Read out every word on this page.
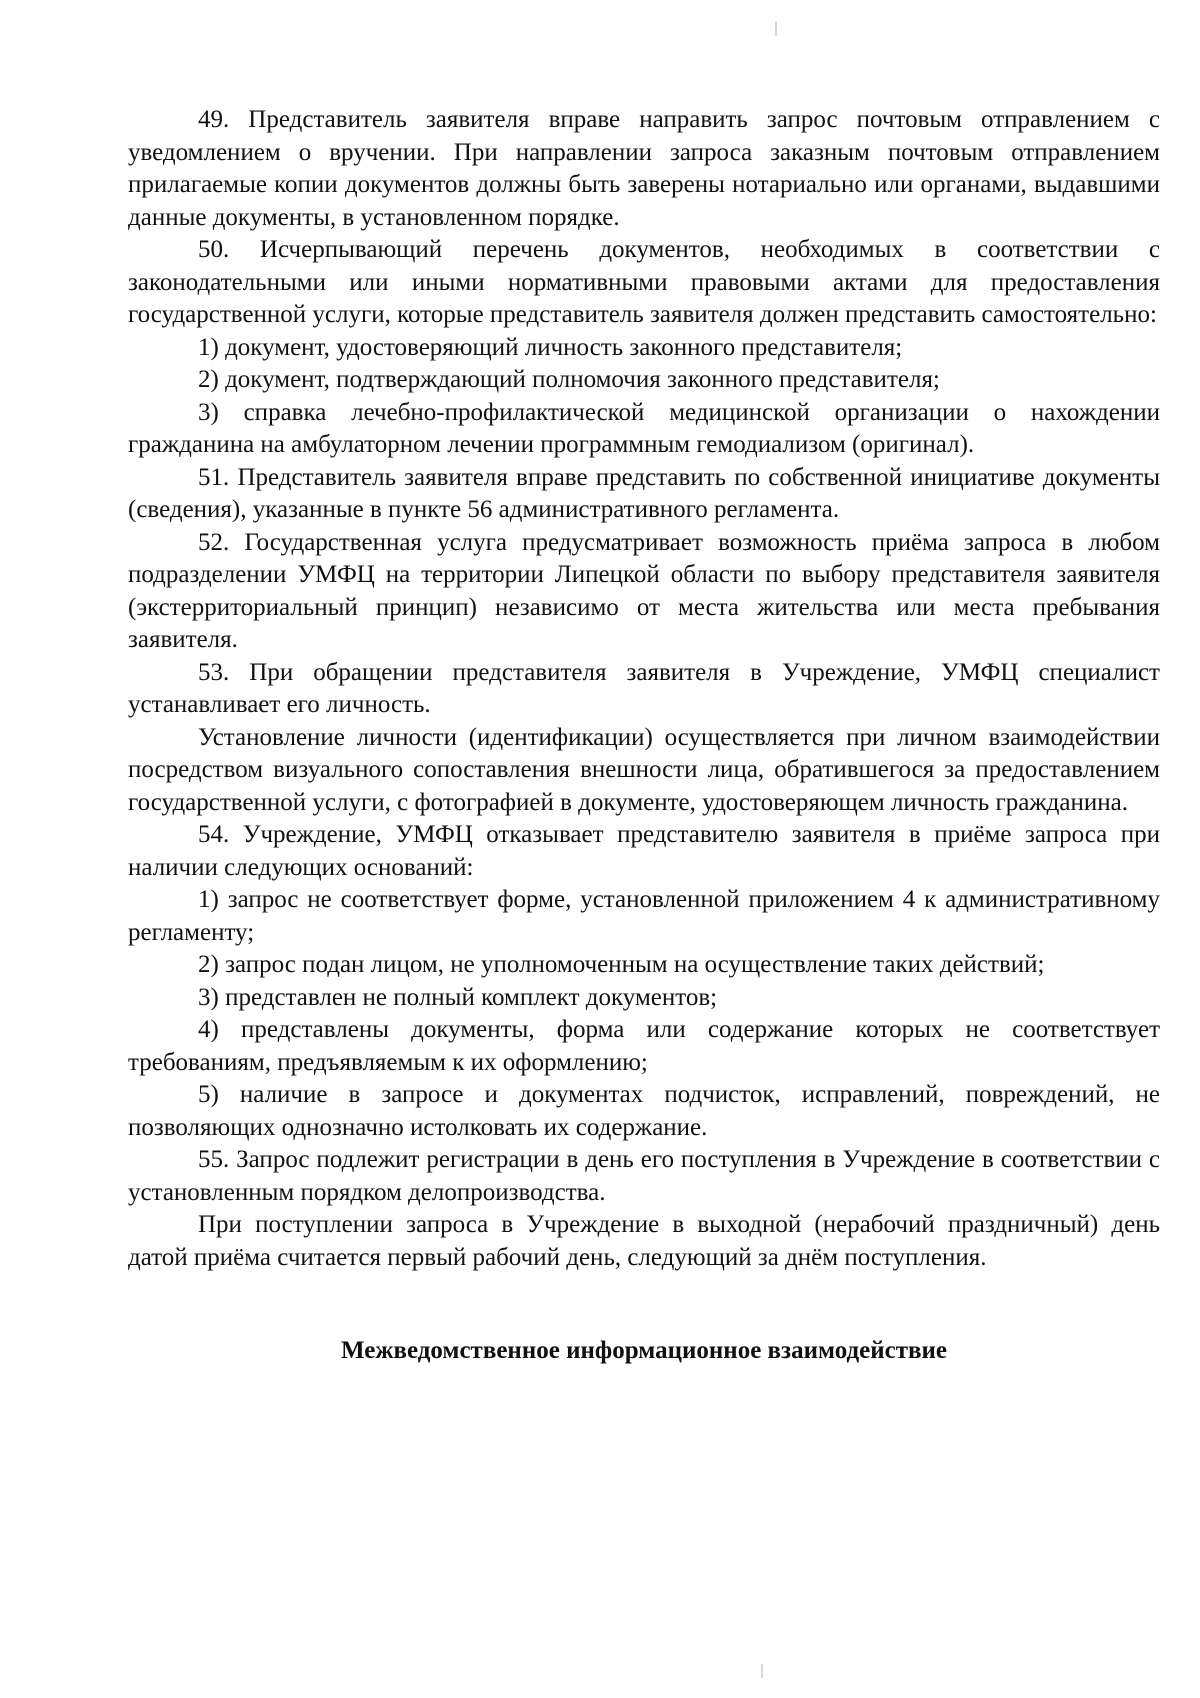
49. Представитель заявителя вправе направить запрос почтовым отправлением с уведомлением о вручении. При направлении запроса заказным почтовым отправлением прилагаемые копии документов должны быть заверены нотариально или органами, выдавшими данные документы, в установленном порядке.

50. Исчерпывающий перечень документов, необходимых в соответствии с законодательными или иными нормативными правовыми актами для предоставления государственной услуги, которые представитель заявителя должен представить самостоятельно:

1) документ, удостоверяющий личность законного представителя;

2) документ, подтверждающий полномочия законного представителя;

3) справка лечебно-профилактической медицинской организации о нахождении гражданина на амбулаторном лечении программным гемодиализом (оригинал).

51. Представитель заявителя вправе представить по собственной инициативе документы (сведения), указанные в пункте 56 административного регламента.

52. Государственная услуга предусматривает возможность приёма запроса в любом подразделении УМФЦ на территории Липецкой области по выбору представителя заявителя (экстерриториальный принцип) независимо от места жительства или места пребывания заявителя.

53. При обращении представителя заявителя в Учреждение, УМФЦ специалист устанавливает его личность.

Установление личности (идентификации) осуществляется при личном взаимодействии посредством визуального сопоставления внешности лица, обратившегося за предоставлением государственной услуги, с фотографией в документе, удостоверяющем личность гражданина.

54. Учреждение, УМФЦ отказывает представителю заявителя в приёме запроса при наличии следующих оснований:

1) запрос не соответствует форме, установленной приложением 4 к административному регламенту;

2) запрос подан лицом, не уполномоченным на осуществление таких действий;

3) представлен не полный комплект документов;

4) представлены документы, форма или содержание которых не соответствует требованиям, предъявляемым к их оформлению;

5) наличие в запросе и документах подчисток, исправлений, повреждений, не позволяющих однозначно истолковать их содержание.

55. Запрос подлежит регистрации в день его поступления в Учреждение в соответствии с установленным порядком делопроизводства.

При поступлении запроса в Учреждение в выходной (нерабочий праздничный) день датой приёма считается первый рабочий день, следующий за днём поступления.

Межведомственное информационное взаимодействие
